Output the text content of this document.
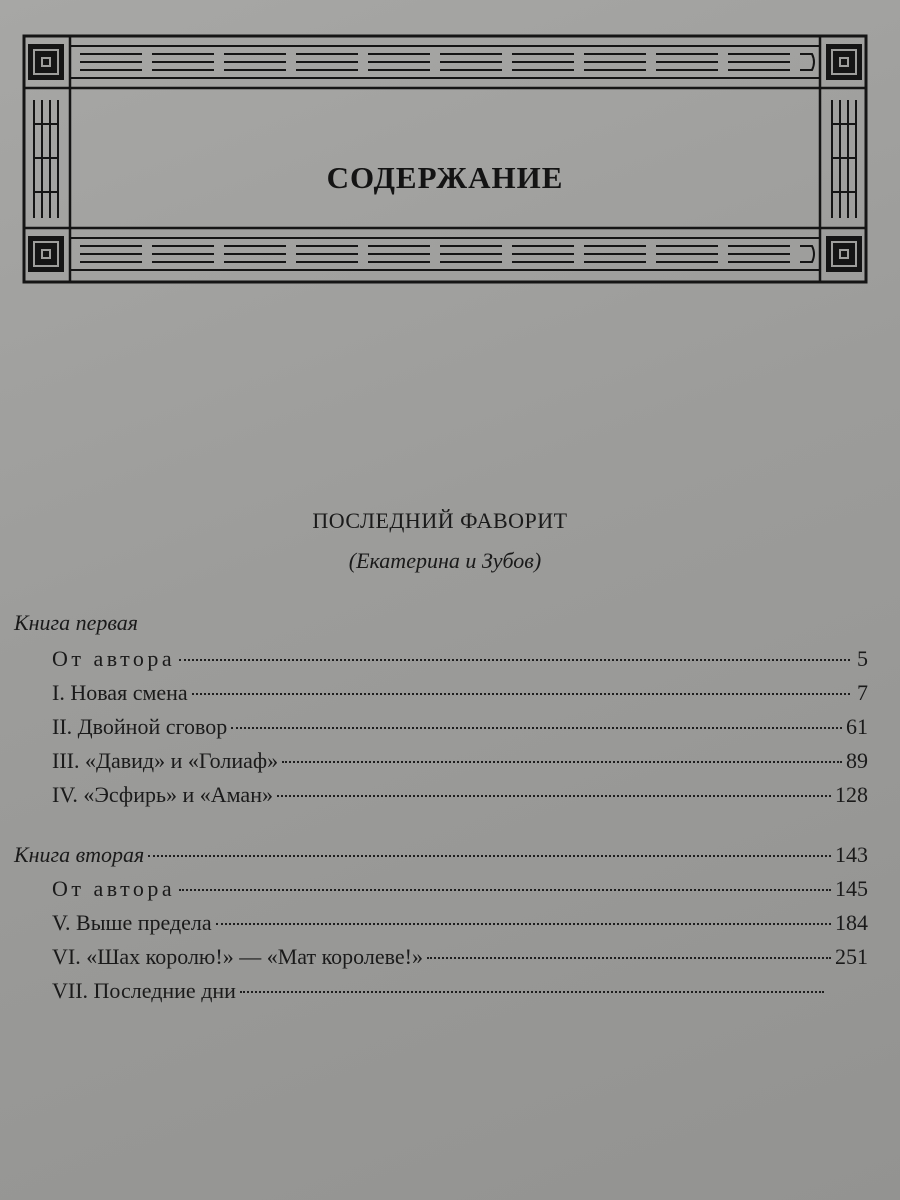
СОДЕРЖАНИЕ
ПОСЛЕДНИЙ ФАВОРИТ
(Екатерина и Зубов)
Книга первая
От автора	5
I. Новая смена	7
II. Двойной сговор	61
III. «Давид» и «Голиаф»	89
IV. «Эсфирь» и «Аман»	128
Книга вторая	143
От автора	145
V. Выше предела	184
VI. «Шах королю!» — «Мат королеве!»	251
VII. Последние дни
